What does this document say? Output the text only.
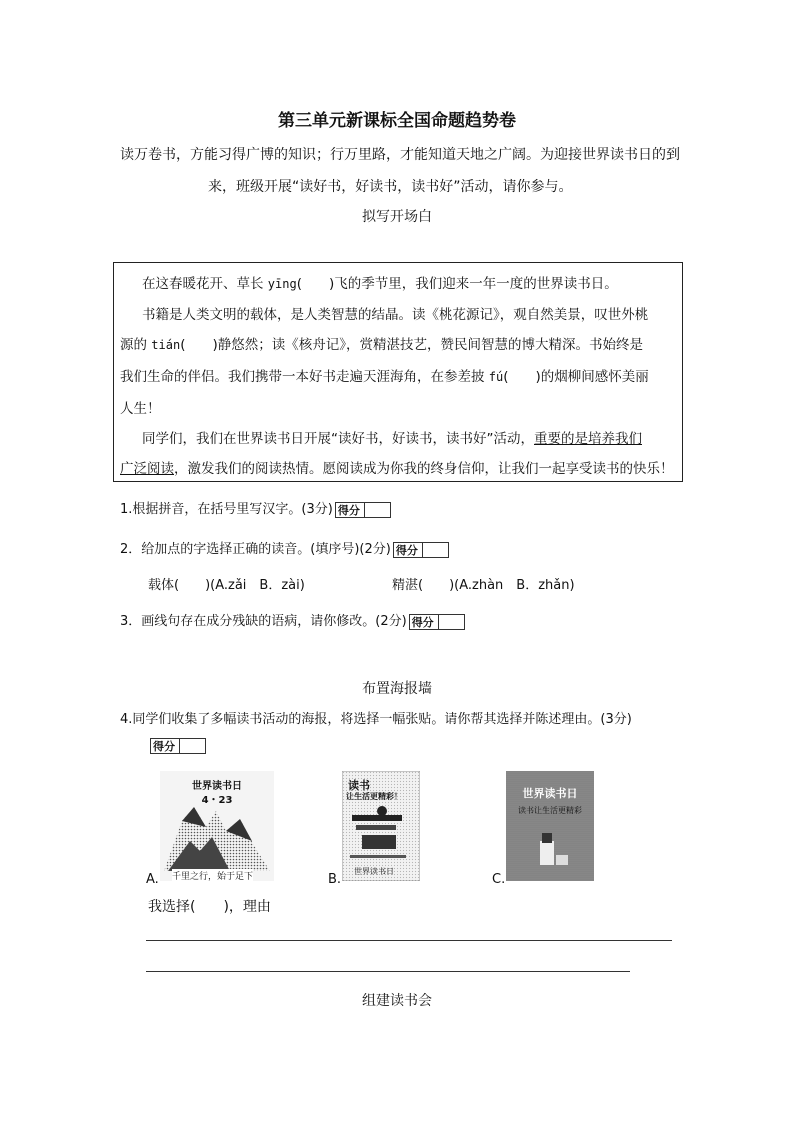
第三单元新课标全国命题趋势卷
读万卷书，方能习得广博的知识；行万里路，才能知道天地之广阔。为迎接世界读书日的到
来，班级开展“读好书，好读书，读书好”活动，请你参与。
拟写开场白
在这春暖花开、草长 yīng(　　)飞的季节里，我们迎来一年一度的世界读书日。
书籍是人类文明的载体，是人类智慧的结晶。读《桃花源记》，观自然美景，叹世外桃
源的 tián(　　)静悠然；读《核舟记》，赏精湛技艺，赞民间智慧的博大精深。书始终是
我们生命的伴侣。我们携带一本好书走遍天涯海角，在参差披 fú(　　)的烟柳间感怀美丽
人生！
同学们，我们在世界读书日开展“读好书，好读书，读书好”活动，重要的是培养我们
广泛阅读，激发我们的阅读热情。愿阅读成为你我的终身信仰，让我们一起享受读书的快乐！
1.根据拼音，在括号里写汉字。(3分) 得分
2．给加点的字选择正确的读音。(填序号)(2分) 得分
载体(　　)(A.zǎi　B．zài)	精湛(　　)(A.zhàn　B．zhǎn)
3．画线句存在成分残缺的语病，请你修改。(2分) 得分
布置海报墙
4.同学们收集了多幅读书活动的海报，将选择一幅张贴。请你帮其选择并陈述理由。(3分)
得分
世界读书日
4・23
千里之行，始于足下
A.
读书
让生活更精彩！
世界读书日
B.
世界读书日
读书让生活更精彩
C.
我选择(　　)，理由
组建读书会
